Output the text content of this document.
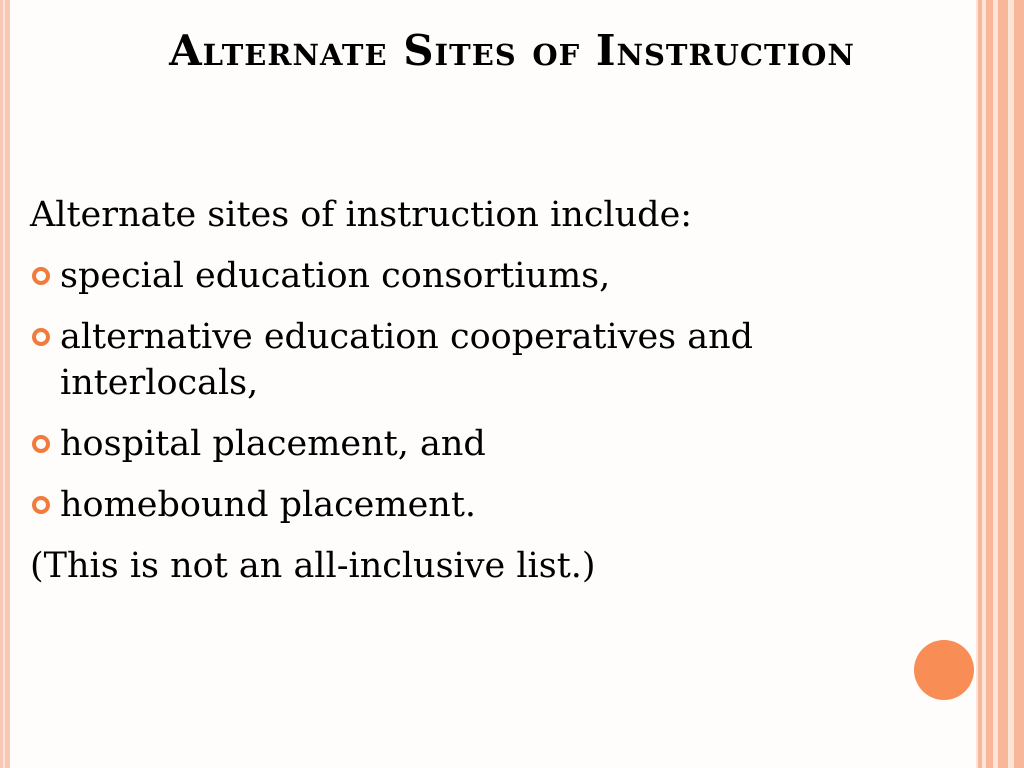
Alternate Sites of Instruction
Alternate sites of instruction include:
special education consortiums,
alternative education cooperatives and interlocals,
hospital placement, and
homebound placement.
(This is not an all-inclusive list.)
